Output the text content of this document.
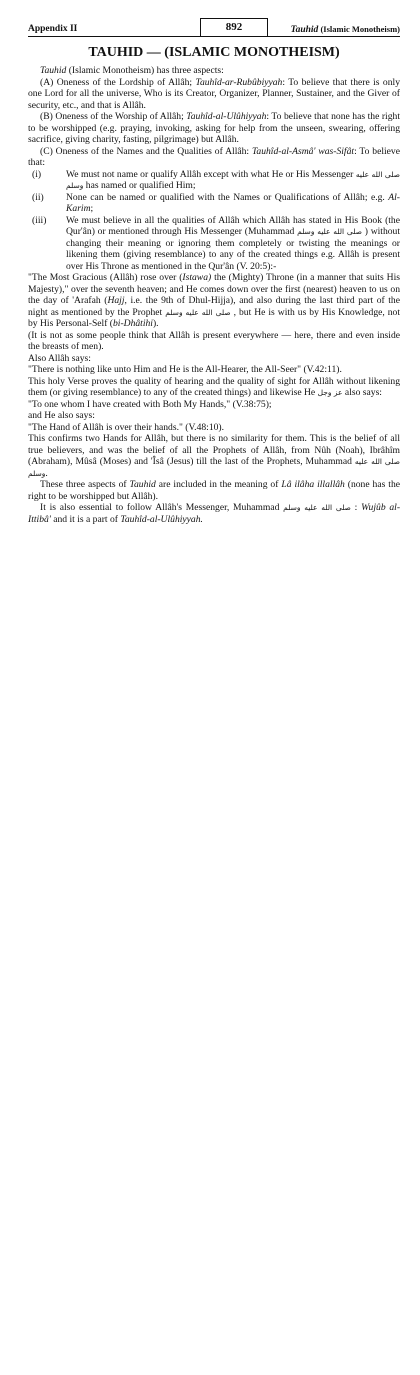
Appendix II	892	Tauhid (Islamic Monotheism)
TAUHID — (ISLAMIC MONOTHEISM)

Tauhid (Islamic Monotheism) has three aspects:

(A) Oneness of the Lordship of Allâh; Tauhîd-ar-Rubûbiyyah: To believe that there is only one Lord for all the universe, Who is its Creator, Organizer, Planner, Sustainer, and the Giver of security, etc., and that is Allâh.

(B) Oneness of the Worship of Allâh; Tauhîd-al-Ulûhiyyah: To believe that none has the right to be worshipped (e.g. praying, invoking, asking for help from the unseen, swearing, offering sacrifice, giving charity, fasting, pilgrimage) but Allâh.

(C) Oneness of the Names and the Qualities of Allâh: Tauhîd-al-Asmâ' was-Sifât: To believe that:

(i)	We must not name or qualify Allâh except with what He or His Messenger صلى الله عليه وسلم has named or qualified Him;
(ii) None can be named or qualified with the Names or Qualifications of Allâh; e.g. Al-Karim;
(iii) We must believe in all the qualities of Allâh which Allâh has stated in His Book (the Qur'ân) or mentioned through His Messenger (Muhammad صلى الله عليه وسلم ) without changing their meaning or ignoring them completely or twisting the meanings or likening them (giving resemblance) to any of the created things e.g. Allâh is present over His Throne as mentioned in the Qur'ân (V. 20:5):-

"The Most Gracious (Allâh) rose over (Istawa) the (Mighty) Throne (in a manner that suits His Majesty)," over the seventh heaven; and He comes down over the first (nearest) heaven to us on the day of 'Arafah (Hajj, i.e. the 9th of Dhul-Hijja), and also during the last third part of the night as mentioned by the Prophet صلى الله عليه وسلم , but He is with us by His Knowledge, not by His Personal-Self (bi-Dhâtihi).

(It is not as some people think that Allâh is present everywhere — here, there and even inside the breasts of men).

Also Allâh says:

"There is nothing like unto Him and He is the All-Hearer, the All-Seer" (V.42:11).

This holy Verse proves the quality of hearing and the quality of sight for Allâh without likening them (or giving resemblance) to any of the created things) and likewise He عز وجل also says:

"To one whom I have created with Both My Hands," (V.38:75);

and He also says:

"The Hand of Allâh is over their hands." (V.48:10).

This confirms two Hands for Allâh, but there is no similarity for them. This is the belief of all true believers, and was the belief of all the Prophets of Allâh, from Nûh (Noah), Ibrâhîm (Abraham), Mûsâ (Moses) and 'Îsâ (Jesus) till the last of the Prophets, Muhammad صلى الله عليه وسلم.

These three aspects of Tauhid are included in the meaning of Lâ ilâha illallâh (none has the right to be worshipped but Allâh).

It is also essential to follow Allâh's Messenger, Muhammad صلى الله عليه وسلم : Wujûb al-Ittibâ' and it is a part of Tauhîd-al-Ulûhiyyah.
